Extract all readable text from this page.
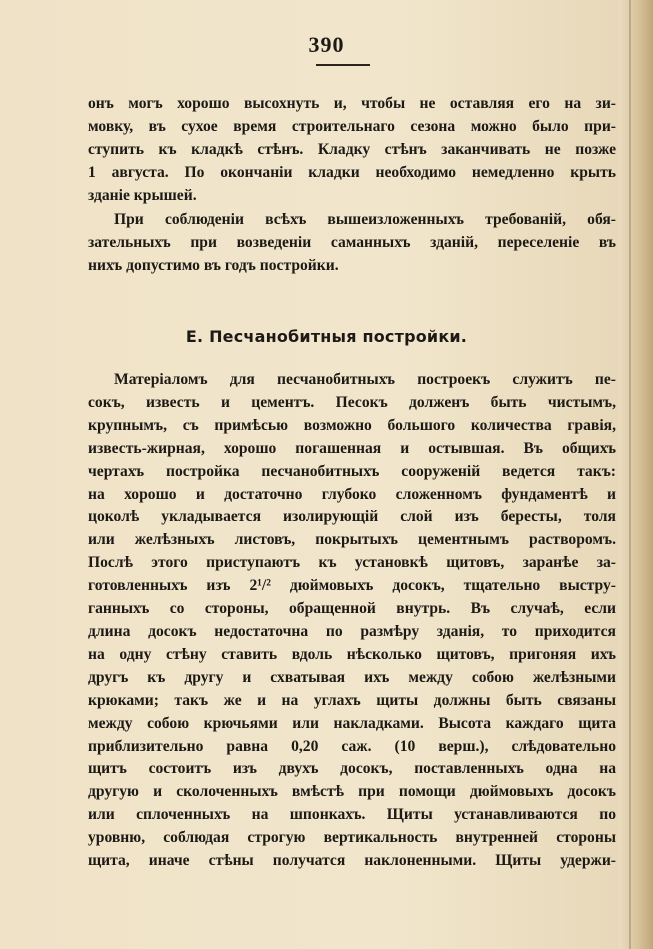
390
онъ могъ хорошо высохнуть и, чтобы не оставляя его на зи-
мовку, въ сухое время строительнаго сезона можно было при-
ступить къ кладкѣ стѣнъ. Кладку стѣнъ заканчивать не позже
1 августа. По окончаніи кладки необходимо немедленно крыть
зданіе крышей.
При соблюденіи всѣхъ вышеизложенныхъ требованій, обя-
зательныхъ при возведеніи саманныхъ зданій, переселеніе въ
нихъ допустимо въ годъ постройки.
Е. Песчанобитныя постройки.
Матеріаломъ для песчанобитныхъ построекъ служитъ пе-
сокъ, известь и цементъ. Песокъ долженъ быть чистымъ,
крупнымъ, съ примѣсью возможно большого количества гравія,
известь-жирная, хорошо погашенная и остывшая. Въ общихъ
чертахъ постройка песчанобитныхъ сооруженій ведется такъ:
на хорошо и достаточно глубоко сложенномъ фундаментѣ и
цоколѣ укладывается изолирующій слой изъ бересты, толя
или желѣзныхъ листовъ, покрытыхъ цементнымъ растворомъ.
Послѣ этого приступаютъ къ установкѣ щитовъ, заранѣе за-
готовленныхъ изъ 2¹/² дюймовыхъ досокъ, тщательно выстру-
ганныхъ со стороны, обращенной внутрь. Въ случаѣ, если
длина досокъ недостаточна по размѣру зданія, то приходится
на одну стѣну ставить вдоль нѣсколько щитовъ, пригоняя ихъ
другъ къ другу и схватывая ихъ между собою желѣзными
крюками; такъ же и на углахъ щиты должны быть связаны
между собою крючьями или накладками. Высота каждаго щита
приблизительно равна 0,20 саж. (10 верш.), слѣдовательно
щитъ состоитъ изъ двухъ досокъ, поставленныхъ одна на
другую и сколоченныхъ вмѣстѣ при помощи дюймовыхъ досокъ
или сплоченныхъ на шпонкахъ. Щиты устанавливаются по
уровню, соблюдая строгую вертикальность внутренней стороны
щита, иначе стѣны получатся наклоненными. Щиты удержи-
